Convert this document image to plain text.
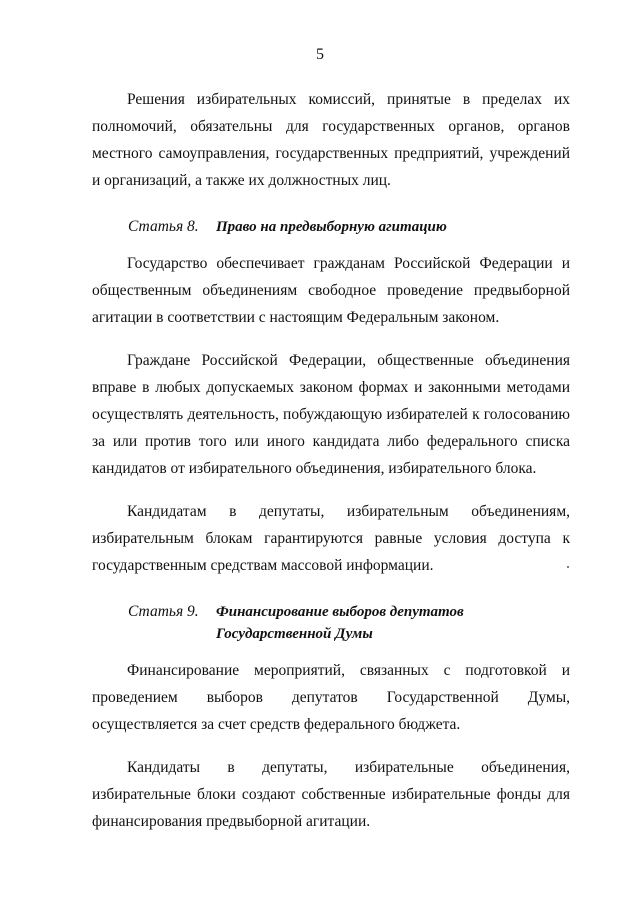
5

Решения избирательных комиссий, принятые в пределах их полномочий, обязательны для государственных органов, органов местного самоуправления, государственных предприятий, учреждений и организаций, а также их должностных лиц.

Статья 8.	Право на предвыборную агитацию

Государство обеспечивает гражданам Российской Федерации и общественным объединениям свободное проведение предвыборной агитации в соответствии с настоящим Федеральным законом.

Граждане Российской Федерации, общественные объединения вправе в любых допускаемых законом формах и законными методами осуществлять деятельность, побуждающую избирателей к голосованию за или против того или иного кандидата либо федерального списка кандидатов от избирательного объединения, избирательного блока.

Кандидатам в депутаты, избирательным объединениям, избирательным блокам гарантируются равные условия доступа к государственным средствам массовой информации.

Статья 9.	Финансирование выборов депутатов
Государственной Думы

Финансирование мероприятий, связанных с подготовкой и проведением выборов депутатов Государственной Думы, осуществляется за счет средств федерального бюджета.

Кандидаты в депутаты, избирательные объединения, избирательные блоки создают собственные избирательные фонды для финансирования предвыборной агитации.
